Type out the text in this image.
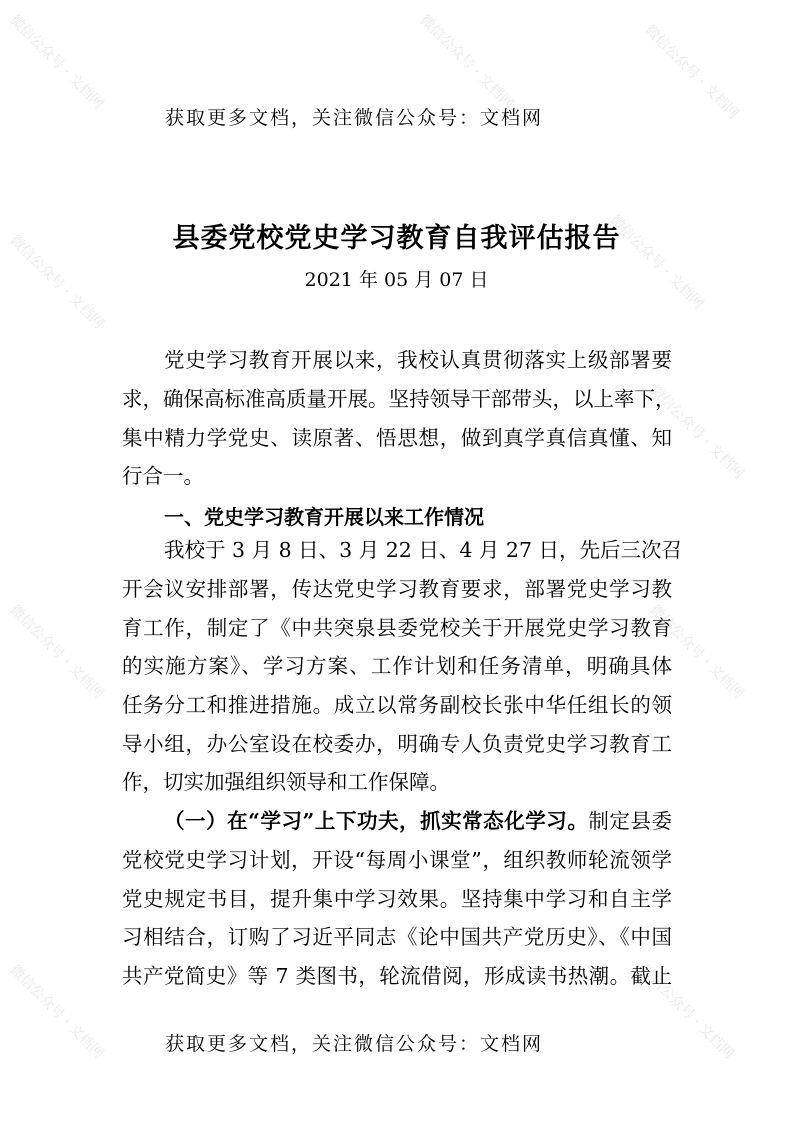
微信公众号 · 文档网	微信公众号 · 文档网	微信公众号 · 文档网
微信公众号 · 文档网	微信公众号 · 文档网
微信公众号 · 文档网
微信公众号 · 文档网	微信公众号 · 文档网
微信公众号 · 文档网	微信公众号 · 文档网
获取更多文档，关注微信公众号：文档网
县委党校党史学习教育自我评估报告
2021 年 05 月 07 日
党史学习教育开展以来，我校认真贯彻落实上级部署要
求，确保高标准高质量开展。坚持领导干部带头，以上率下，
集中精力学党史、读原著、悟思想，做到真学真信真懂、知
行合一。
一、党史学习教育开展以来工作情况
我校于 3 月 8 日、3 月 22 日、4 月 27 日，先后三次召
开会议安排部署，传达党史学习教育要求，部署党史学习教
育工作，制定了《中共突泉县委党校关于开展党史学习教育
的实施方案》、学习方案、工作计划和任务清单，明确具体
任务分工和推进措施。成立以常务副校长张中华任组长的领
导小组，办公室设在校委办，明确专人负责党史学习教育工
作，切实加强组织领导和工作保障。
（一）在“学习”上下功夫，抓实常态化学习。制定县委
党校党史学习计划，开设“每周小课堂”，组织教师轮流领学
党史规定书目，提升集中学习效果。坚持集中学习和自主学
习相结合，订购了习近平同志《论中国共产党历史》、《中国
共产党简史》等 7 类图书，轮流借阅，形成读书热潮。截止
获取更多文档，关注微信公众号：文档网
